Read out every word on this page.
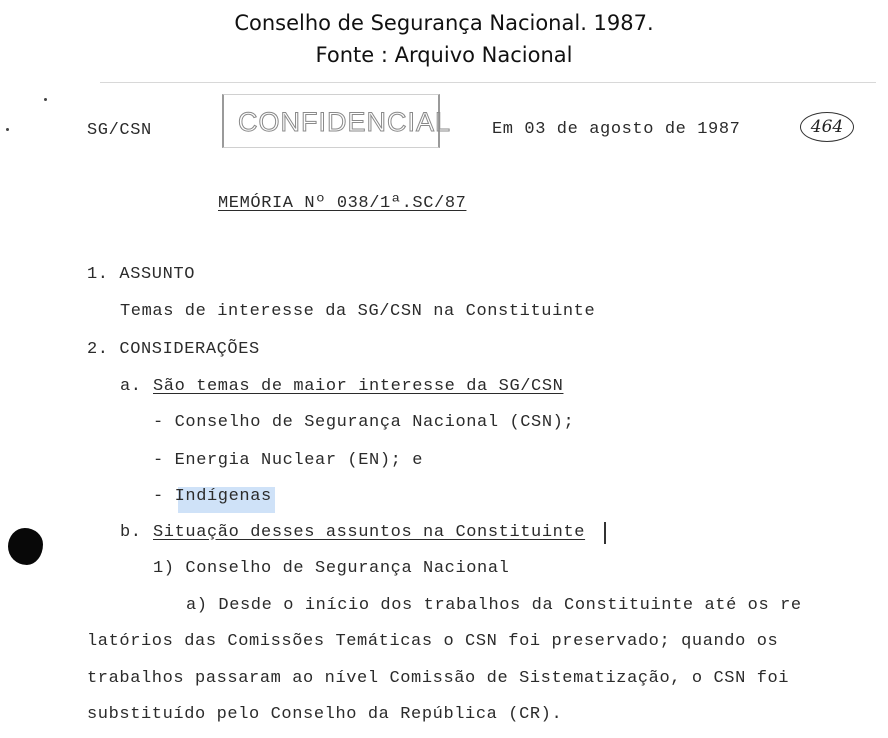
Conselho de Segurança Nacional. 1987.
Fonte : Arquivo Nacional
SG/CSN	CONFIDENCIAL Em 03 de agosto de 1987	464
MEMÓRIA Nº 038/1ª.SC/87
1. ASSUNTO
Temas de interesse da SG/CSN na Constituinte
2. CONSIDERAÇÕES
a. São temas de maior interesse da SG/CSN
- Conselho de Segurança Nacional (CSN);
- Energia Nuclear (EN); e
- Indígenas
b. Situação desses assuntos na Constituinte
1) Conselho de Segurança Nacional
a) Desde o início dos trabalhos da Constituinte até os re
latórios das Comissões Temáticas o CSN foi preservado; quando os
trabalhos passaram ao nível Comissão de Sistematização, o CSN foi
substituído pelo Conselho da República (CR).
